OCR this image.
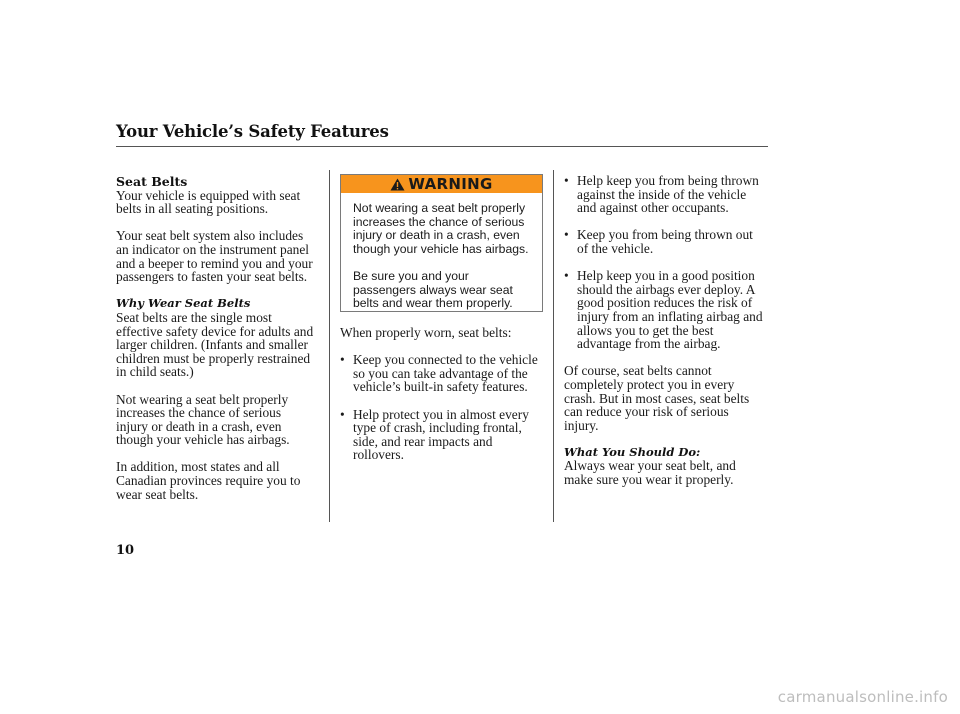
Your Vehicle’s Safety Features
Seat Belts

Your vehicle is equipped with seat
belts in all seating positions.

Your seat belt system also includes
an indicator on the instrument panel
and a beeper to remind you and your
passengers to fasten your seat belts.

Why Wear Seat Belts

Seat belts are the single most
effective safety device for adults and
larger children. (Infants and smaller
children must be properly restrained
in child seats.)

Not wearing a seat belt properly
increases the chance of serious
injury or death in a crash, even
though your vehicle has airbags.

In addition, most states and all
Canadian provinces require you to
wear seat belts.

WARNING

Not wearing a seat belt properly
increases the chance of serious
injury or death in a crash, even
though your vehicle has airbags.

Be sure you and your
passengers always wear seat
belts and wear them properly.

When properly worn, seat belts:

• Keep you connected to the vehicle
so you can take advantage of the
vehicle’s built-in safety features.
• Help protect you in almost every
type of crash, including frontal,
side, and rear impacts and
rollovers.
• Help keep you from being thrown
against the inside of the vehicle
and against other occupants.
• Keep you from being thrown out
of the vehicle.
• Help keep you in a good position
should the airbags ever deploy. A
good position reduces the risk of
injury from an inflating airbag and
allows you to get the best
advantage from the airbag.

Of course, seat belts cannot
completely protect you in every
crash. But in most cases, seat belts
can reduce your risk of serious
injury.

What You Should Do:

Always wear your seat belt, and
make sure you wear it properly.

10
carmanualsonline.info
